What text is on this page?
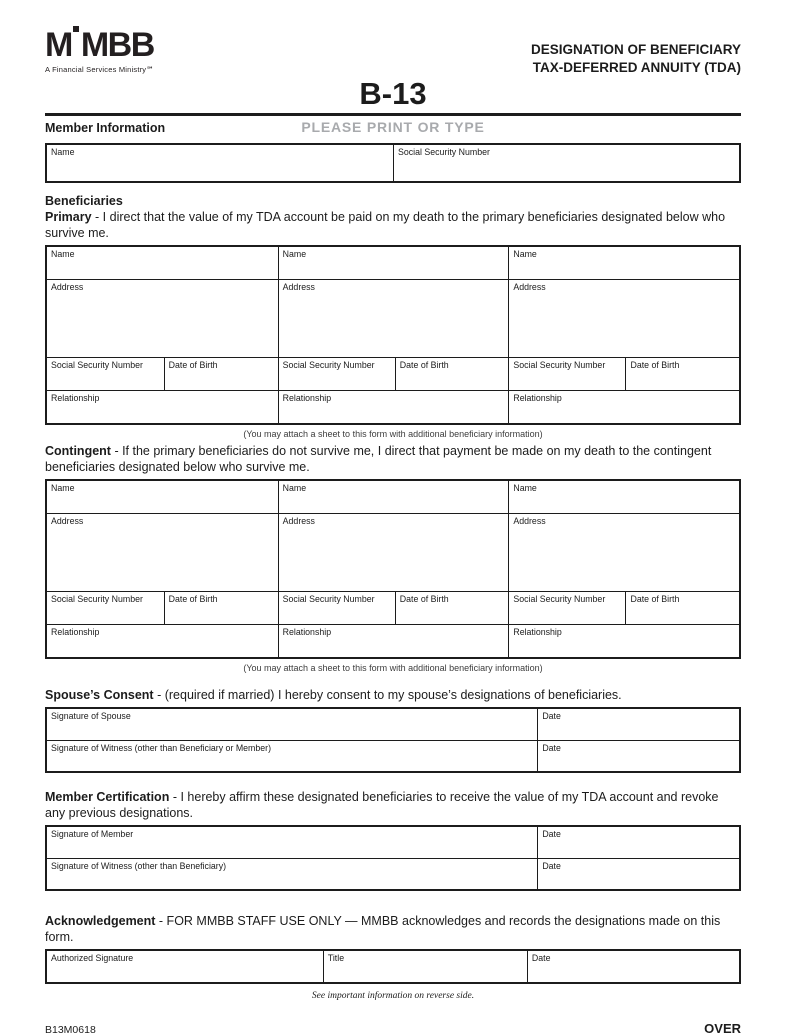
M MBB
A Financial Services Ministry℠
DESIGNATION OF BENEFICIARY
TAX-DEFERRED ANNUITY (TDA)
B-13
Member Information	PLEASE PRINT OR TYPE
Name	Social Security Number
Beneficiaries
Primary - I direct that the value of my TDA account be paid on my death to the primary beneficiaries designated below who survive me.
Name
Address
Social Security Number	Date of Birth
Relationship
Name
Address
Social Security Number	Date of Birth
Relationship
Name
Address
Social Security Number	Date of Birth
Relationship
(You may attach a sheet to this form with additional beneficiary information)
Contingent - If the primary beneficiaries do not survive me, I direct that payment be made on my death to the contingent beneficiaries designated below who survive me.
Name
Address
Social Security Number	Date of Birth
Relationship
Name
Address
Social Security Number	Date of Birth
Relationship
Name
Address
Social Security Number	Date of Birth
Relationship
(You may attach a sheet to this form with additional beneficiary information)
Spouse’s Consent - (required if married) I hereby consent to my spouse’s designations of beneficiaries.
Signature of Spouse	Date
Signature of Witness (other than Beneficiary or Member)	Date
Member Certification - I hereby affirm these designated beneficiaries to receive the value of my TDA account and revoke any previous designations.
Signature of Member	Date
Signature of Witness (other than Beneficiary)	Date
Acknowledgement - FOR MMBB STAFF USE ONLY — MMBB acknowledges and records the designations made on this form.
Authorized Signature	Title	Date
See important information on reverse side.
B13M0618	OVER
